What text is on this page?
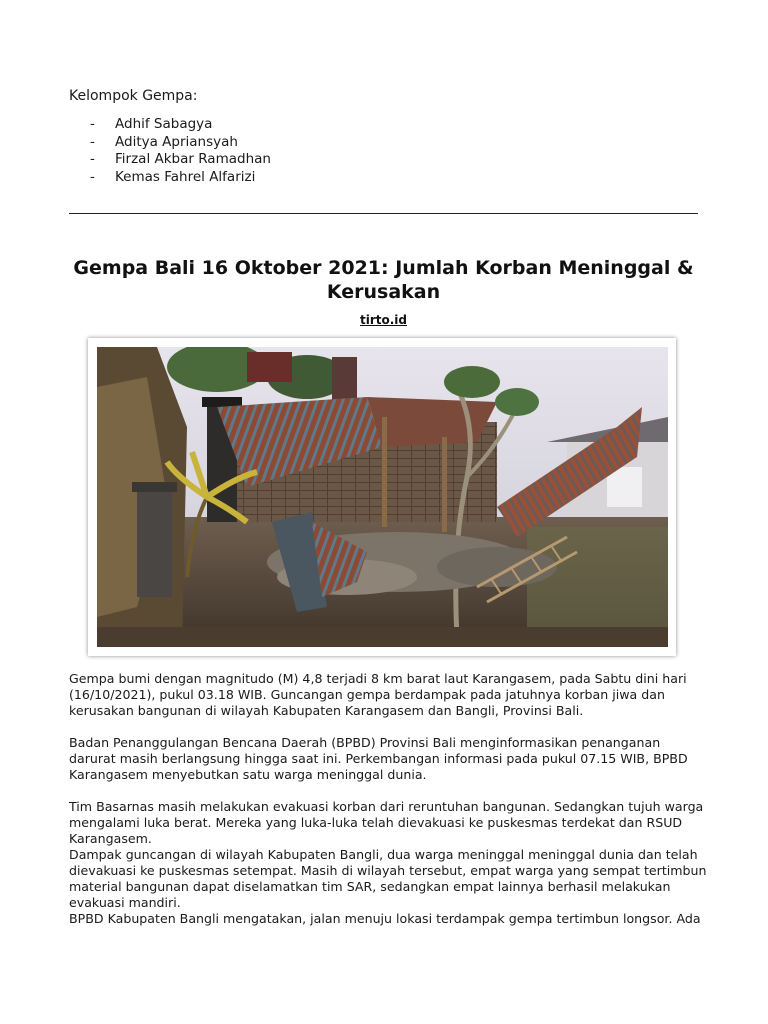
Kelompok Gempa:
-	Adhif Sabagya
-	Aditya Apriansyah
-	Firzal Akbar Ramadhan
-	Kemas Fahrel Alfarizi
Gempa Bali 16 Oktober 2021: Jumlah Korban Meninggal & Kerusakan
tirto.id

Gempa bumi dengan magnitudo (M) 4,8 terjadi 8 km barat laut Karangasem, pada Sabtu dini hari (16/10/2021), pukul 03.18 WIB. Guncangan gempa berdampak pada jatuhnya korban jiwa dan kerusakan bangunan di wilayah Kabupaten Karangasem dan Bangli, Provinsi Bali.

Badan Penanggulangan Bencana Daerah (BPBD) Provinsi Bali menginformasikan penanganan darurat masih berlangsung hingga saat ini. Perkembangan informasi pada pukul 07.15 WIB, BPBD Karangasem menyebutkan satu warga meninggal dunia.

Tim Basarnas masih melakukan evakuasi korban dari reruntuhan bangunan. Sedangkan tujuh warga mengalami luka berat. Mereka yang luka-luka telah dievakuasi ke puskesmas terdekat dan RSUD Karangasem.

Dampak guncangan di wilayah Kabupaten Bangli, dua warga meninggal meninggal dunia dan telah dievakuasi ke puskesmas setempat. Masih di wilayah tersebut, empat warga yang sempat tertimbun material bangunan dapat diselamatkan tim SAR, sedangkan empat lainnya berhasil melakukan evakuasi mandiri.

BPBD Kabupaten Bangli mengatakan, jalan menuju lokasi terdampak gempa tertimbun longsor. Ada
